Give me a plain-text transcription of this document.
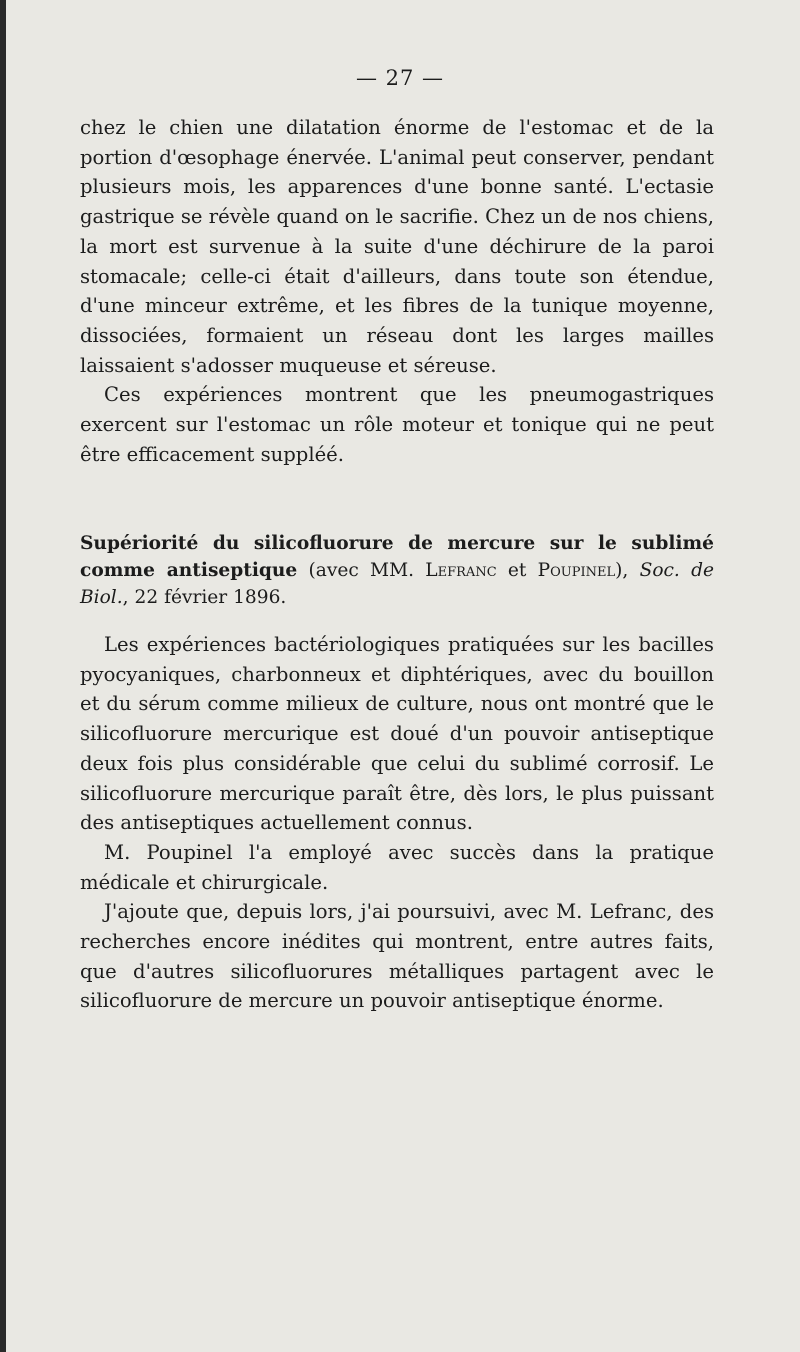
— 27 —

chez le chien une dilatation énorme de l'estomac et de la portion d'œsophage énervée. L'animal peut conserver, pendant plusieurs mois, les apparences d'une bonne santé. L'ectasie gastrique se révèle quand on le sacrifie. Chez un de nos chiens, la mort est survenue à la suite d'une déchirure de la paroi stomacale; celle-ci était d'ailleurs, dans toute son étendue, d'une minceur extrême, et les fibres de la tunique moyenne, dissociées, formaient un réseau dont les larges mailles laissaient s'adosser muqueuse et séreuse.

Ces expériences montrent que les pneumogastriques exercent sur l'estomac un rôle moteur et tonique qui ne peut être efficacement suppléé.

Supériorité du silicofluorure de mercure sur le sublimé comme antiseptique (avec MM. Lefranc et Poupinel), Soc. de Biol., 22 février 1896.

Les expériences bactériologiques pratiquées sur les bacilles pyocyaniques, charbonneux et diphtériques, avec du bouillon et du sérum comme milieux de culture, nous ont montré que le silicofluorure mercurique est doué d'un pouvoir antiseptique deux fois plus considérable que celui du sublimé corrosif. Le silicofluorure mercurique paraît être, dès lors, le plus puissant des antiseptiques actuellement connus.

M. Poupinel l'a employé avec succès dans la pratique médicale et chirurgicale.

J'ajoute que, depuis lors, j'ai poursuivi, avec M. Lefranc, des recherches encore inédites qui montrent, entre autres faits, que d'autres silicofluorures métalliques partagent avec le silicofluorure de mercure un pouvoir antiseptique énorme.
